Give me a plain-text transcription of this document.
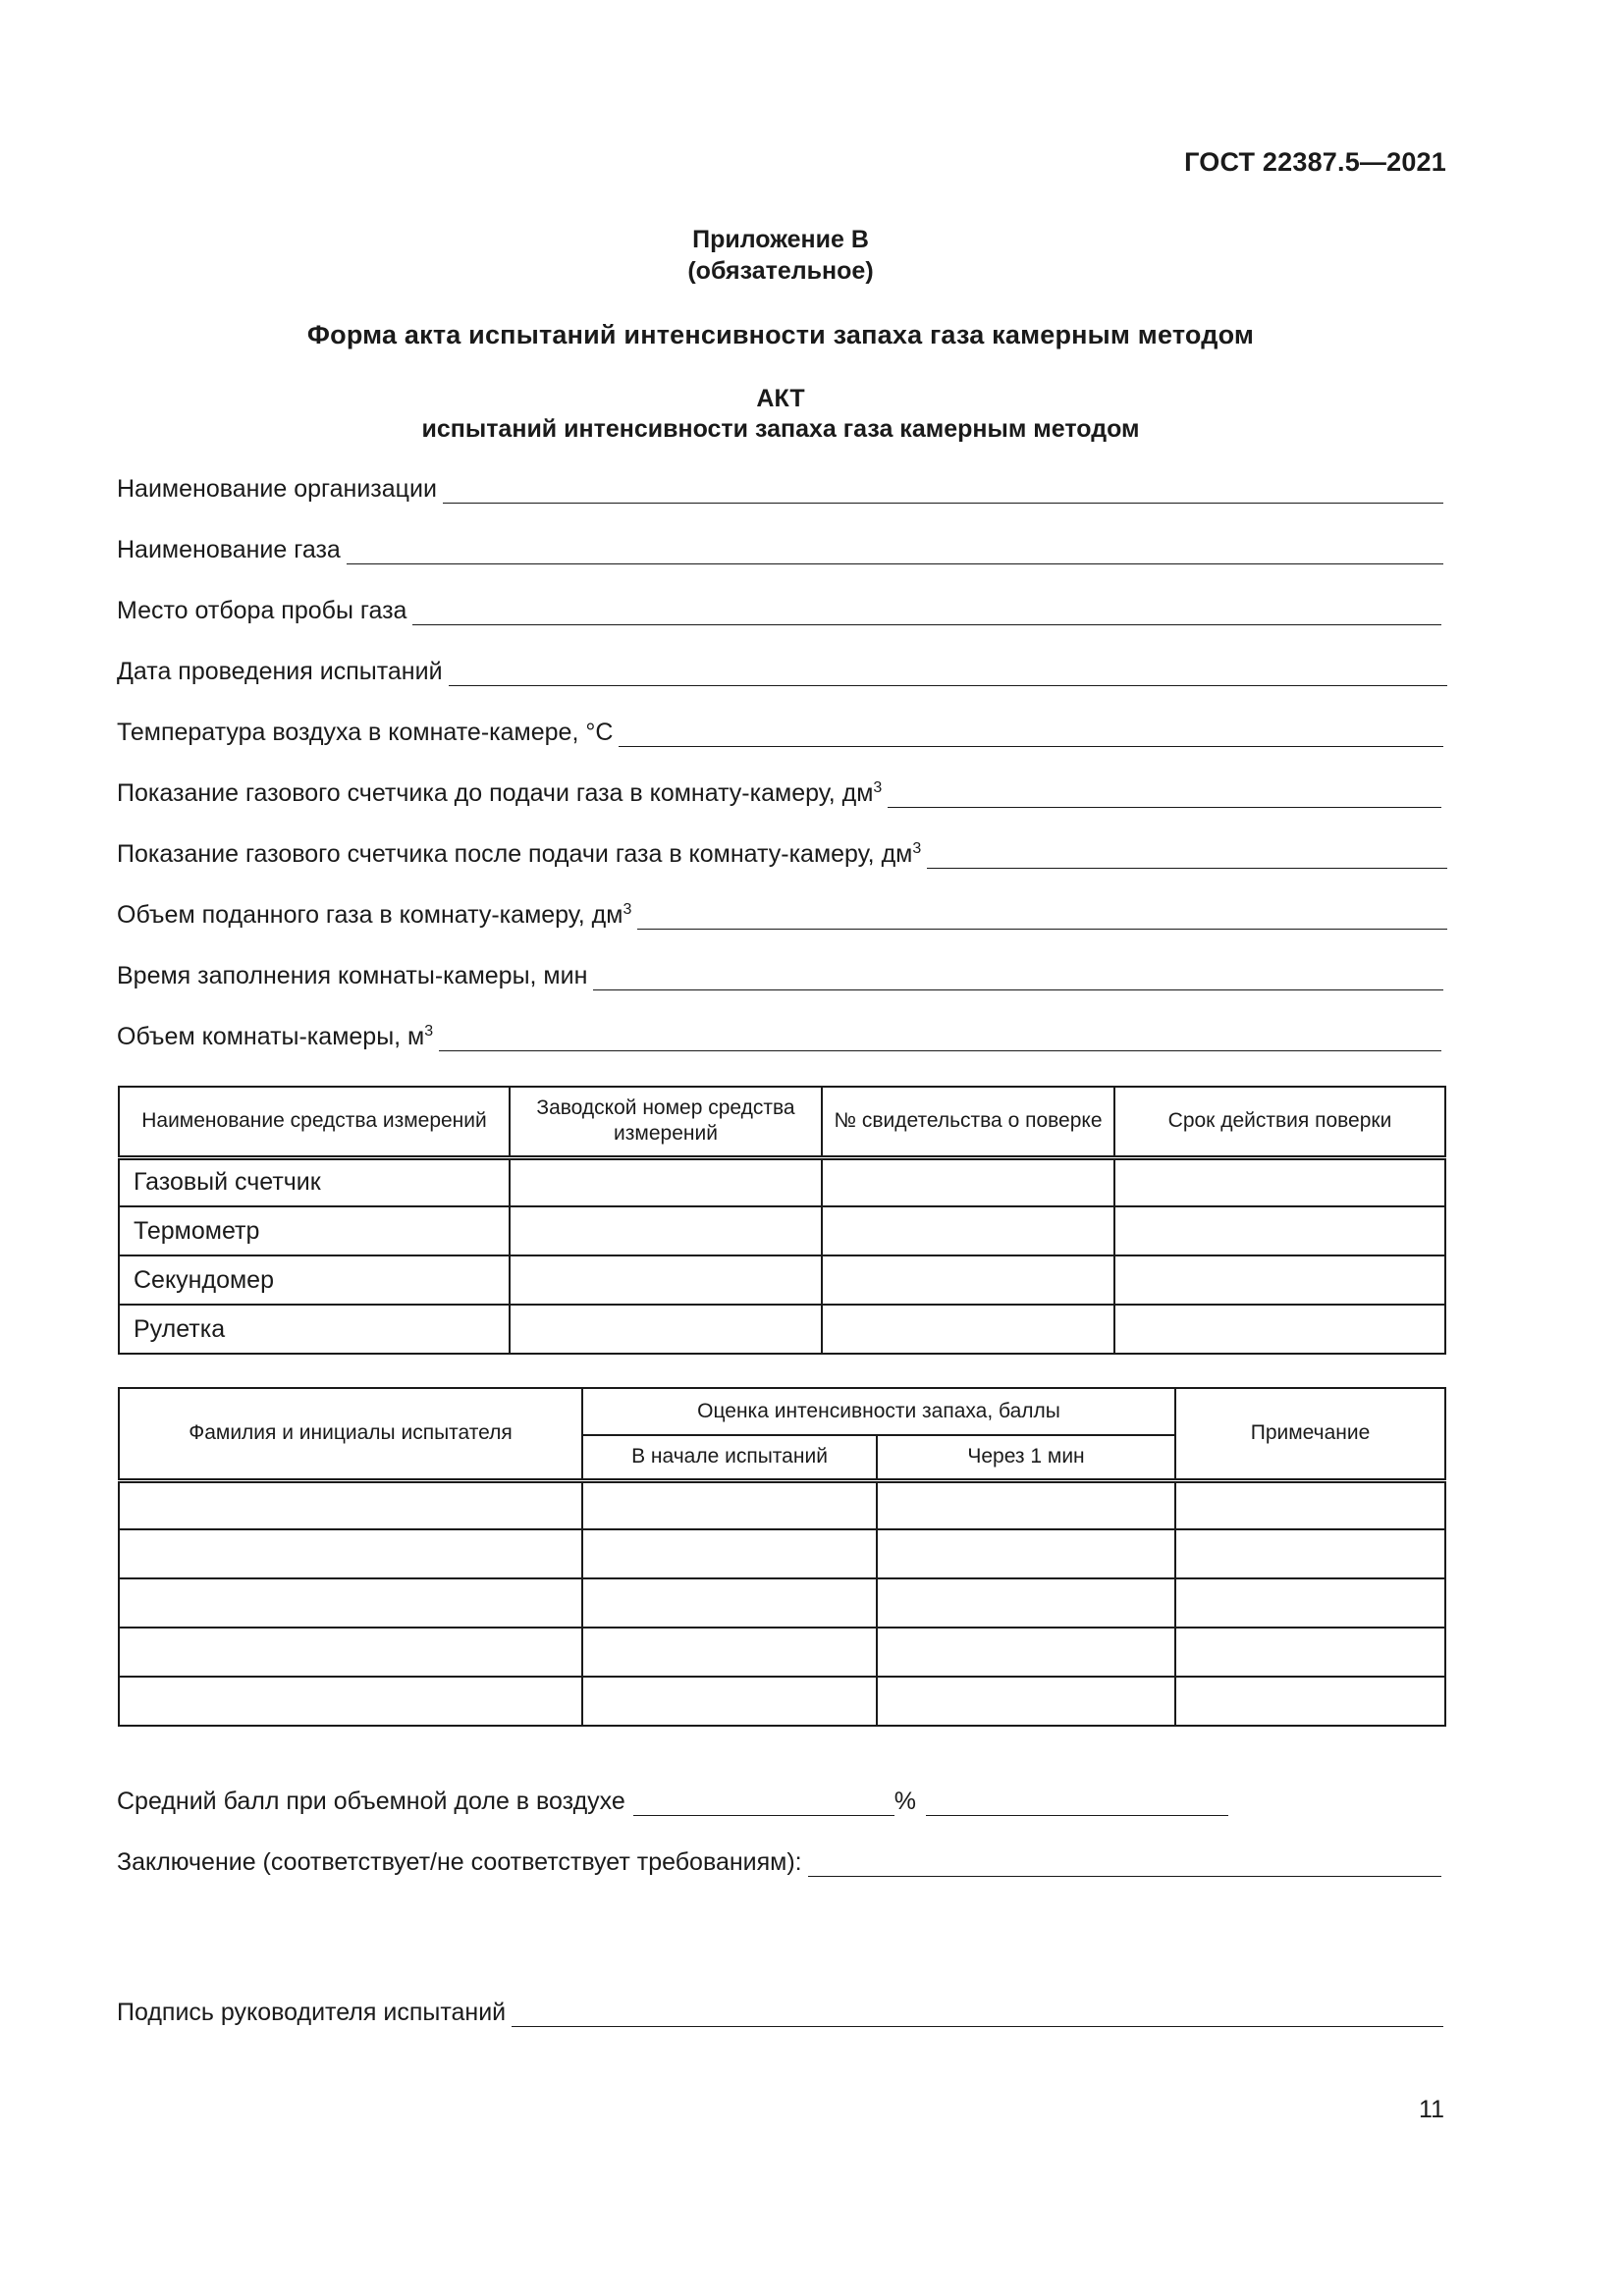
ГОСТ 22387.5—2021
Приложение В
(обязательное)
Форма акта испытаний интенсивности запаха газа камерным методом
АКТ
испытаний интенсивности запаха газа камерным методом
Наименование организации
Наименование газа
Место отбора пробы газа
Дата проведения испытаний
Температура воздуха в комнате-камере, °С
Показание газового счетчика до подачи газа в комнату-камеру, $дм^3$
Показание газового счетчика после подачи газа в комнату-камеру, $дм^3$
Объем поданного газа в комнату-камеру, $дм^3$
Время заполнения комнаты-камеры, мин
Объем комнаты-камеры, $м^3$
Наименование средства измерений	Заводской номер средства измерений	№ свидетельства о поверке	Срок действия поверки
Газовый счетчик			
Термометр			
Секундомер			
Рулетка			
Фамилия и инициалы испытателя	Оценка интенсивности запаха, баллы		Примечание
	В начале испытаний	Через 1 мин	

Средний балл при объемной доле в воздухе	%
Заключение (соответствует/не соответствует требованиям):
Подпись руководителя испытаний
11
